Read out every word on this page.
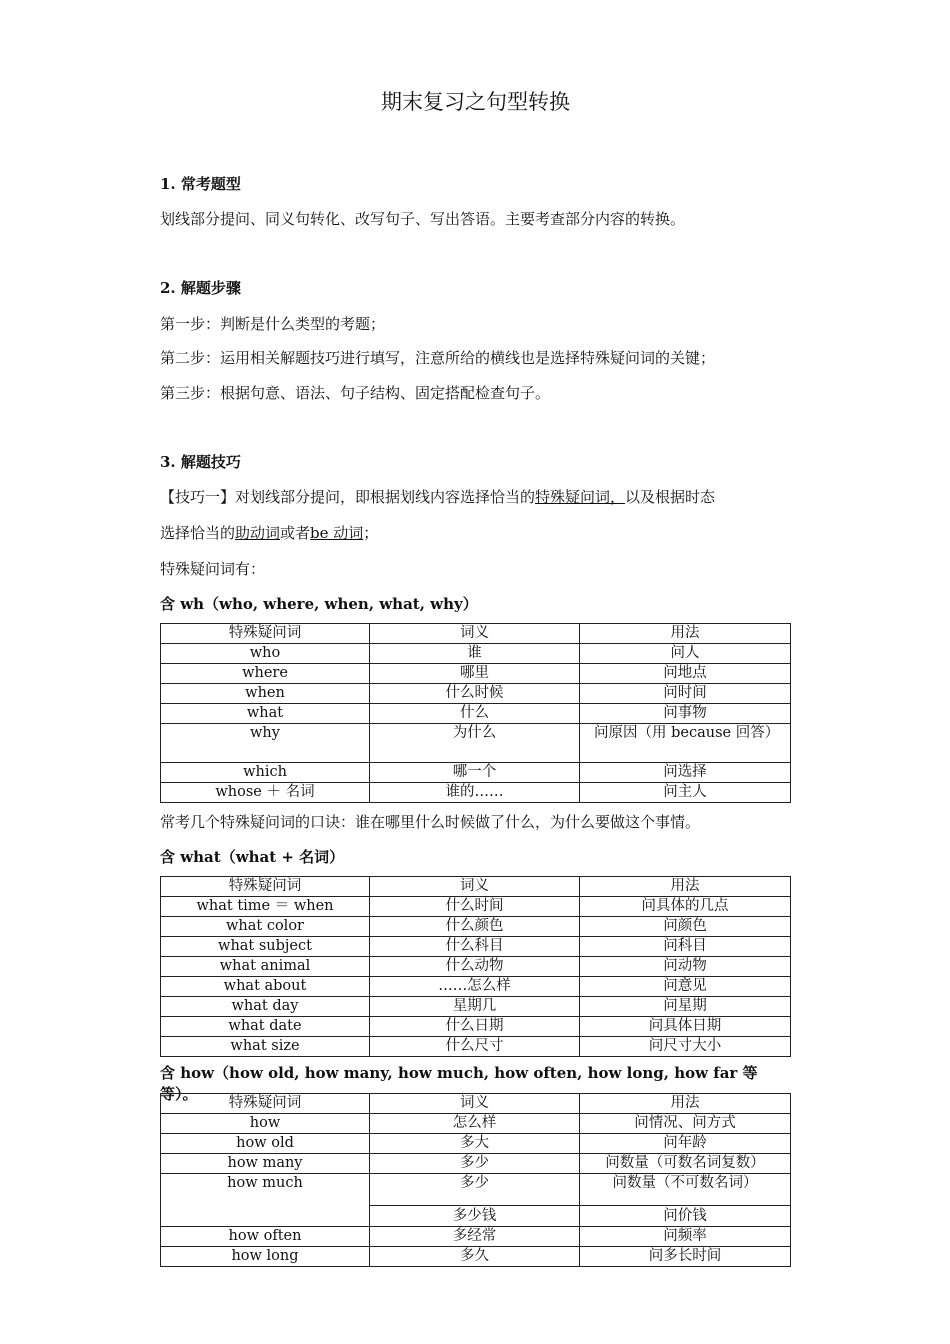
期末复习之句型转换
1. 常考题型
划线部分提问、同义句转化、改写句子、写出答语。主要考查部分内容的转换。
2. 解题步骤
第一步：判断是什么类型的考题；
第二步：运用相关解题技巧进行填写，注意所给的横线也是选择特殊疑问词的关键；
第三步：根据句意、语法、句子结构、固定搭配检查句子。
3. 解题技巧
【技巧一】对划线部分提问，即根据划线内容选择恰当的特殊疑问词，以及根据时态
选择恰当的助动词或者be 动词；
特殊疑问词有：
含 wh（who, where, when, what, why）
特殊疑问词	词义	用法
who	谁	问人
where	哪里	问地点
when	什么时候	问时间
what	什么	问事物
why	为什么	问原因（用 because 回答）
which	哪一个	问选择
whose ＋ 名词	谁的……	问主人
常考几个特殊疑问词的口诀：谁在哪里什么时候做了什么，为什么要做这个事情。
含 what（what + 名词）
特殊疑问词	词义	用法
what time ＝ when	什么时间	问具体的几点
what color	什么颜色	问颜色
what subject	什么科目	问科目
what animal	什么动物	问动物
what about	……怎么样	问意见
what day	星期几	问星期
what date	什么日期	问具体日期
what size	什么尺寸	问尺寸大小
含 how（how old, how many, how much, how often, how long, how far 等等）。	特殊疑问词	词义	用法
how	怎么样	问情况、问方式
how old	多大	问年龄
how many	多少	问数量（可数名词复数）
how much	多少	问数量（不可数名词）
	多少钱	问价钱
how often	多经常	问频率
how long	多久	问多长时间
